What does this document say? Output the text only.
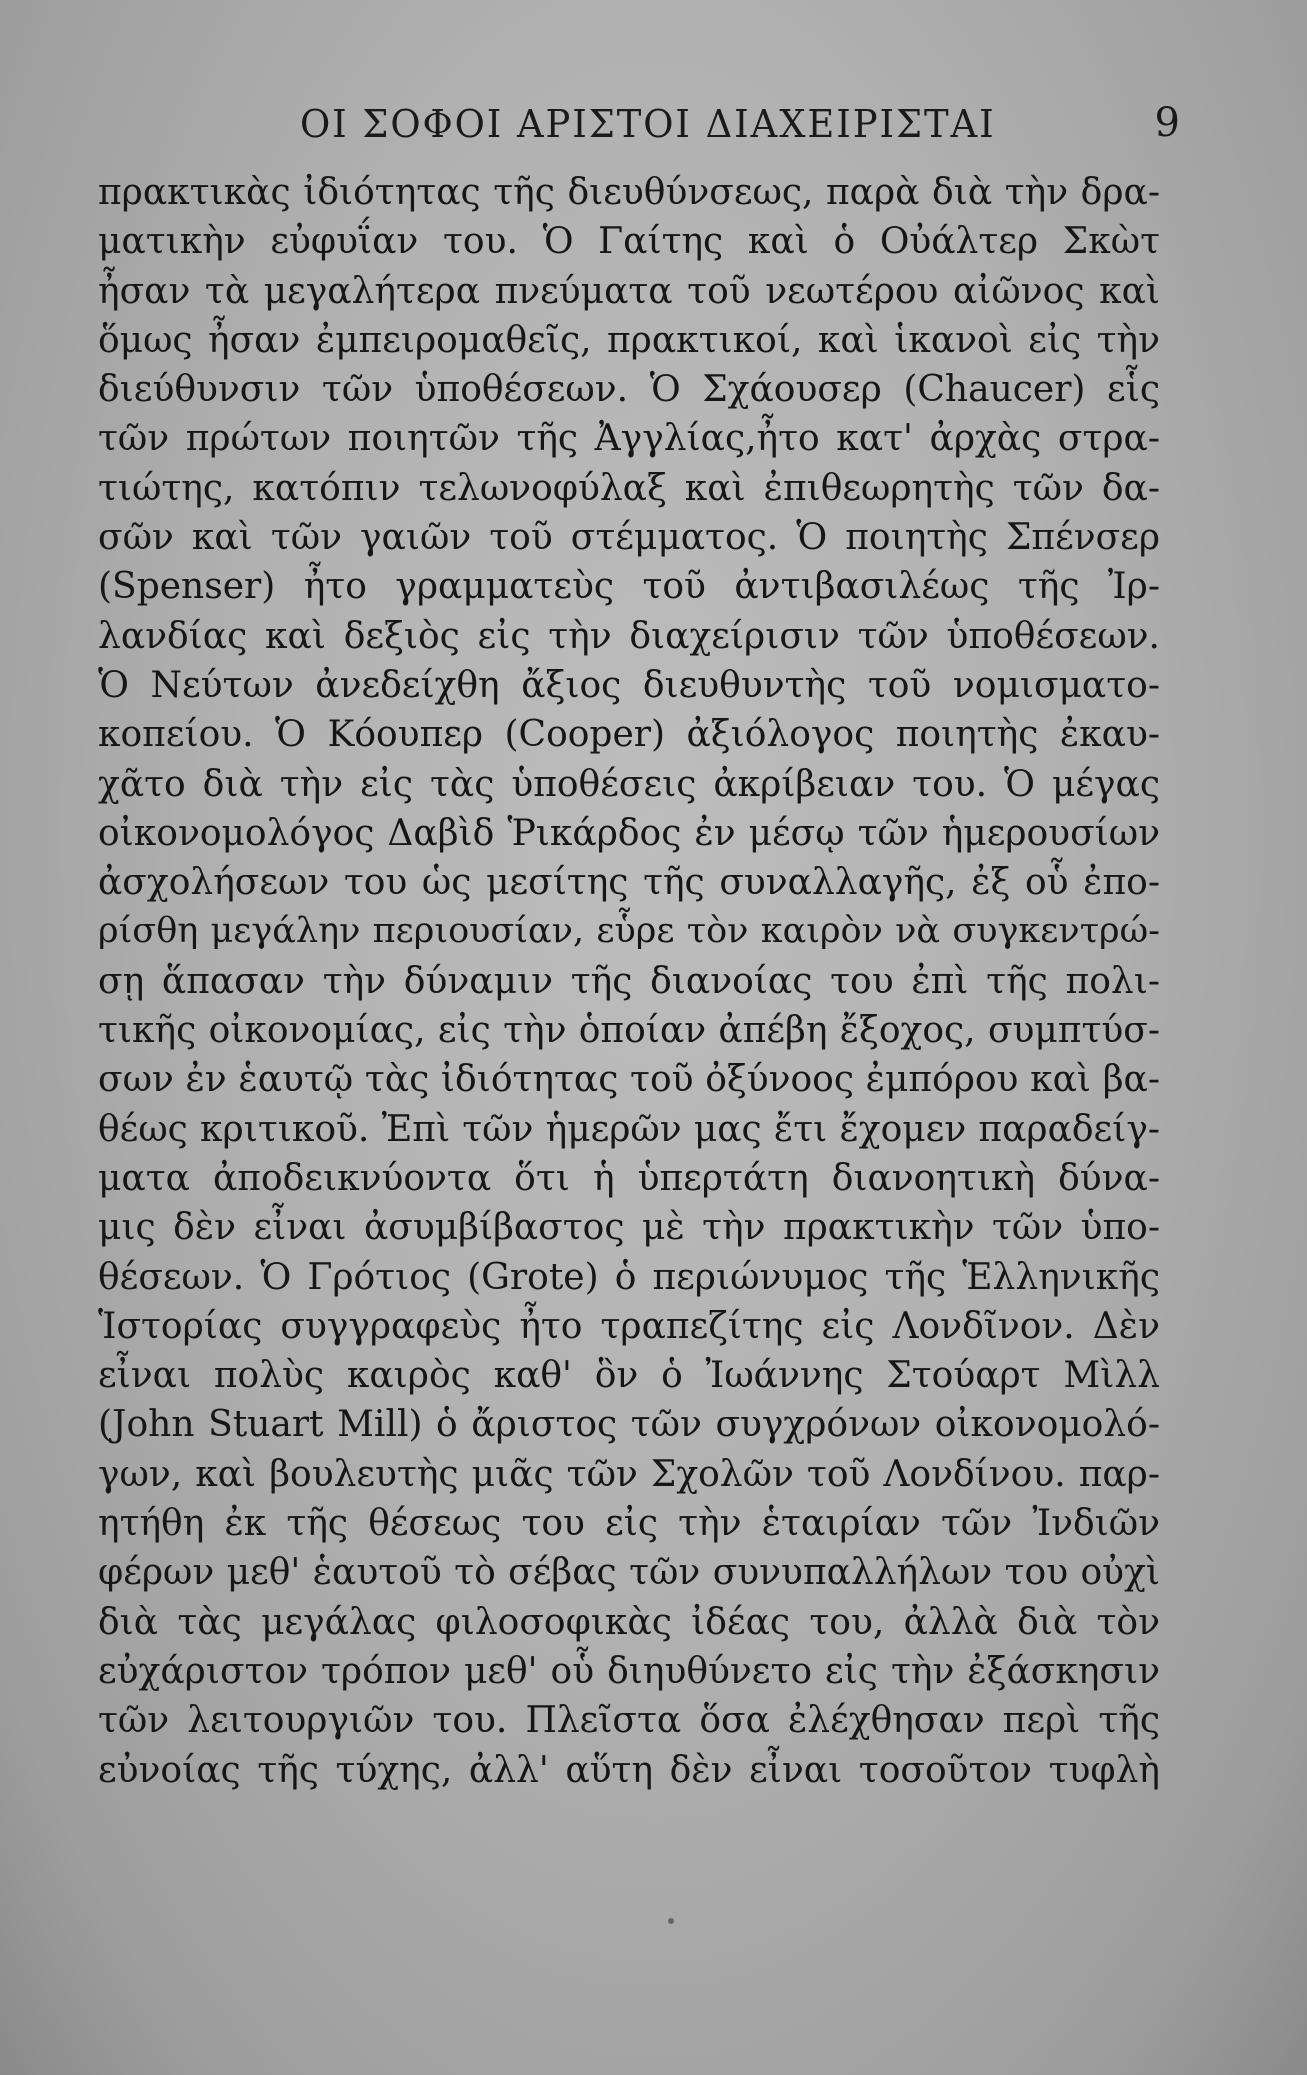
ΟΙ ΣΟΦΟΙ ΑΡΙΣΤΟΙ ΔΙΑΧΕΙΡΙΣΤΑΙ	9
πρακτικὰς ἰδιότητας τῆς διευθύνσεως, παρὰ διὰ τὴν δρα-
ματικὴν εὐφυΐαν του. Ὁ Γαίτης καὶ ὁ Οὐάλτερ Σκὼτ
ἦσαν τὰ μεγαλήτερα πνεύματα τοῦ νεωτέρου αἰῶνος καὶ
ὅμως ἦσαν ἐμπειρομαθεῖς, πρακτικοί, καὶ ἱκανοὶ εἰς τὴν
διεύθυνσιν τῶν ὑποθέσεων. Ὁ Σχάουσερ (Chaucer) εἷς
τῶν πρώτων ποιητῶν τῆς Ἀγγλίας,ἦτο κατ' ἀρχὰς στρα-
τιώτης, κατόπιν τελωνοφύλαξ καὶ ἐπιθεωρητὴς τῶν δα-
σῶν καὶ τῶν γαιῶν τοῦ στέμματος. Ὁ ποιητὴς Σπένσερ
(Spenser) ἦτο γραμματεὺς τοῦ ἀντιβασιλέως τῆς Ἰρ-
λανδίας καὶ δεξιὸς εἰς τὴν διαχείρισιν τῶν ὑποθέσεων.
Ὁ Νεύτων ἀνεδείχθη ἄξιος διευθυντὴς τοῦ νομισματο-
κοπείου. Ὁ Κόουπερ (Cooper) ἀξιόλογος ποιητὴς ἐκαυ-
χᾶτο διὰ τὴν εἰς τὰς ὑποθέσεις ἀκρίβειαν του. Ὁ μέγας
οἰκονομολόγος Δαβὶδ Ῥικάρδος ἐν μέσῳ τῶν ἡμερουσίων
ἀσχολήσεων του ὡς μεσίτης τῆς συναλλαγῆς, ἐξ οὗ ἐπο-
ρίσθη μεγάλην περιουσίαν, εὗρε τὸν καιρὸν νὰ συγκεντρώ-
σῃ ἅπασαν τὴν δύναμιν τῆς διανοίας του ἐπὶ τῆς πολι-
τικῆς οἰκονομίας, εἰς τὴν ὁποίαν ἀπέβη ἔξοχος, συμπτύσ-
σων ἐν ἑαυτῷ τὰς ἰδιότητας τοῦ ὀξύνοος ἐμπόρου καὶ βα-
θέως κριτικοῦ. Ἐπὶ τῶν ἡμερῶν μας ἔτι ἔχομεν παραδείγ-
ματα ἀποδεικνύοντα ὅτι ἡ ὑπερτάτη διανοητικὴ δύνα-
μις δὲν εἶναι ἀσυμβίβαστος μὲ τὴν πρακτικὴν τῶν ὑπο-
θέσεων. Ὁ Γρότιος (Grote) ὁ περιώνυμος τῆς Ἑλληνικῆς
Ἱστορίας συγγραφεὺς ἦτο τραπεζίτης εἰς Λονδῖνον. Δὲν
εἶναι πολὺς καιρὸς καθ' ὃν ὁ Ἰωάννης Στούαρτ Μὶλλ
(John Stuart Mill) ὁ ἄριστος τῶν συγχρόνων οἰκονομολό-
γων, καὶ βουλευτὴς μιᾶς τῶν Σχολῶν τοῦ Λονδίνου. παρ-
ητήθη ἐκ τῆς θέσεως του εἰς τὴν ἑταιρίαν τῶν Ἰνδιῶν
φέρων μεθ' ἑαυτοῦ τὸ σέβας τῶν συνυπαλλήλων του οὐχὶ
διὰ τὰς μεγάλας φιλοσοφικὰς ἰδέας του, ἀλλὰ διὰ τὸν
εὐχάριστον τρόπον μεθ' οὗ διηυθύνετο εἰς τὴν ἐξάσκησιν
τῶν λειτουργιῶν του. Πλεῖστα ὅσα ἐλέχθησαν περὶ τῆς
εὐνοίας τῆς τύχης, ἀλλ' αὕτη δὲν εἶναι τοσοῦτον τυφλὴ
